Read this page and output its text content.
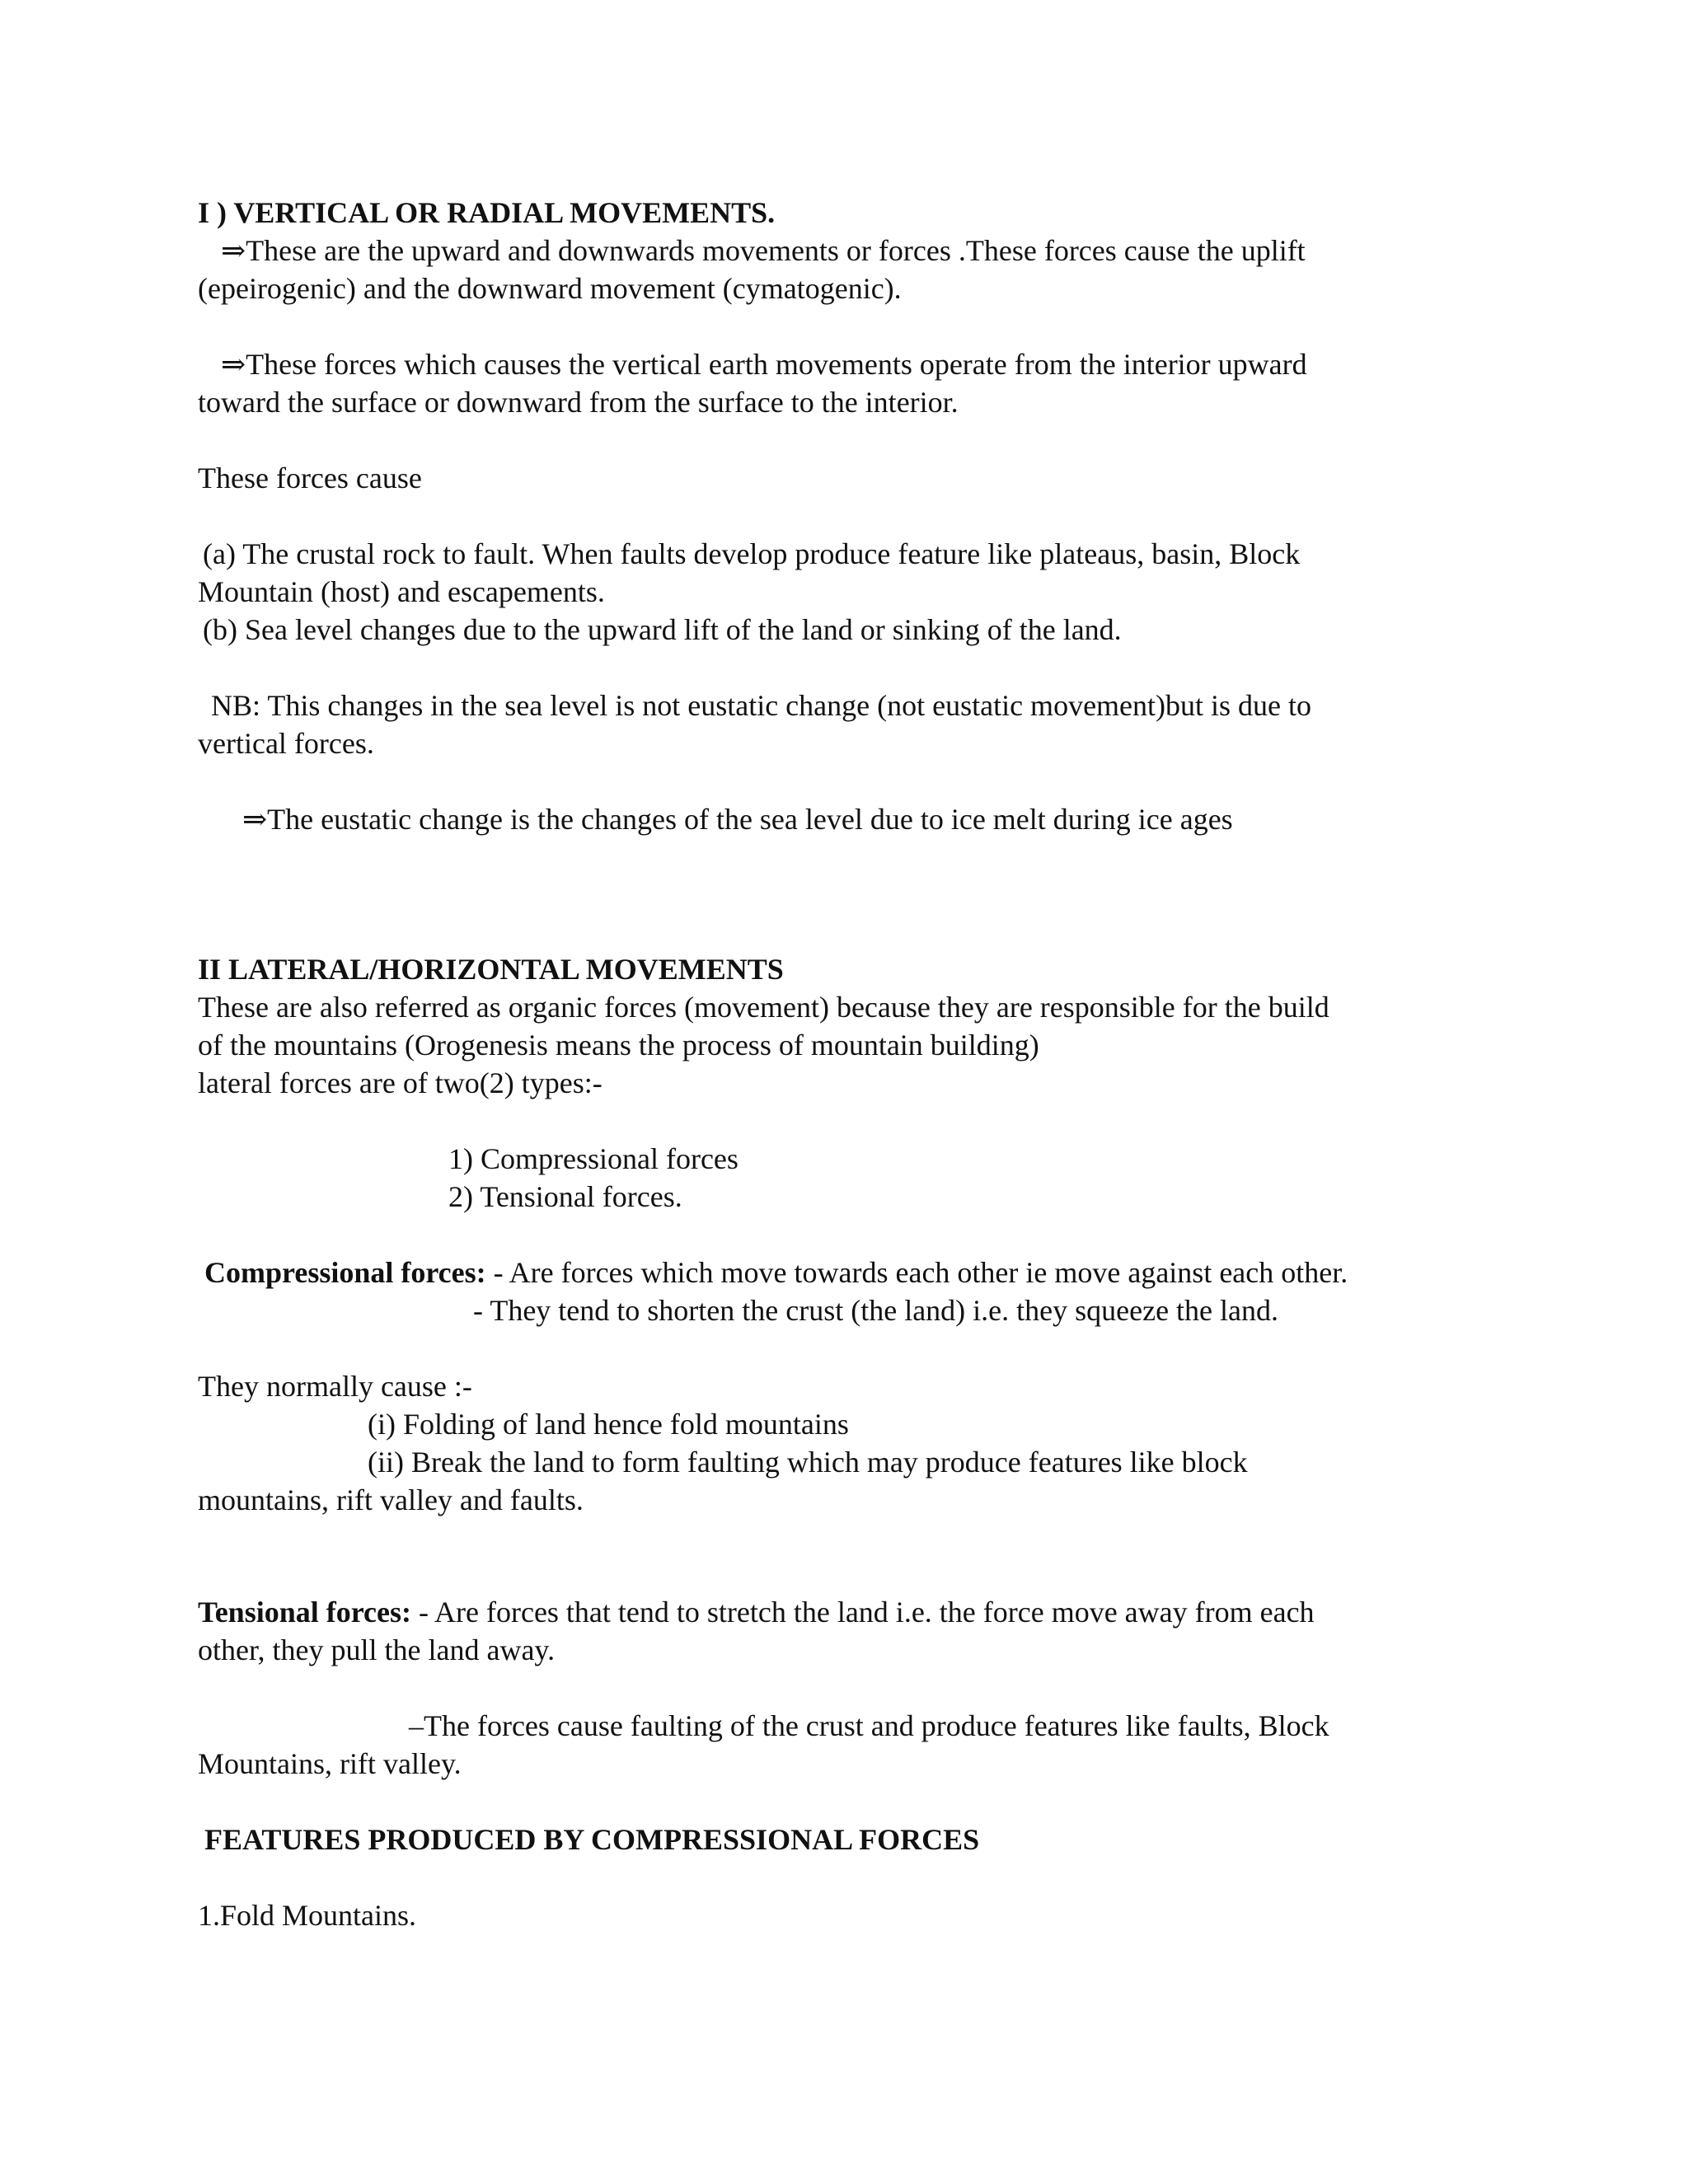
I ) VERTICAL OR RADIAL MOVEMENTS.

⇒These are the upward and downwards movements or forces .These forces cause the uplift

(epeirogenic) and the downward movement (cymatogenic).

⇒These forces which causes the vertical earth movements operate from the interior upward

toward the surface or downward from the surface to the interior.

These forces cause

(a) The crustal rock to fault. When faults develop produce feature like plateaus, basin, Block

Mountain (host) and escapements.

(b) Sea level changes due to the upward lift of the land or sinking of the land.

NB: This changes in the sea level is not eustatic change (not eustatic movement)but is due to

vertical forces.

⇒The eustatic change is the changes of the sea level due to ice melt during ice ages

II LATERAL/HORIZONTAL MOVEMENTS

These are also referred as organic forces (movement) because they are responsible for the build

of the mountains (Orogenesis means the process of mountain building)

lateral forces are of two(2) types:-

1) Compressional forces

2) Tensional forces.

Compressional forces: - Are forces which move towards each other ie move against each other.

- They tend to shorten the crust (the land) i.e. they squeeze the land.

They normally cause :-

(i) Folding of land hence fold mountains

(ii) Break the land to form faulting which may produce features like block

mountains, rift valley and faults.

Tensional forces: - Are forces that tend to stretch the land i.e. the force move away from each

other, they pull the land away.

–The forces cause faulting of the crust and produce features like faults, Block

Mountains, rift valley.

FEATURES PRODUCED BY COMPRESSIONAL FORCES

1.Fold Mountains.
